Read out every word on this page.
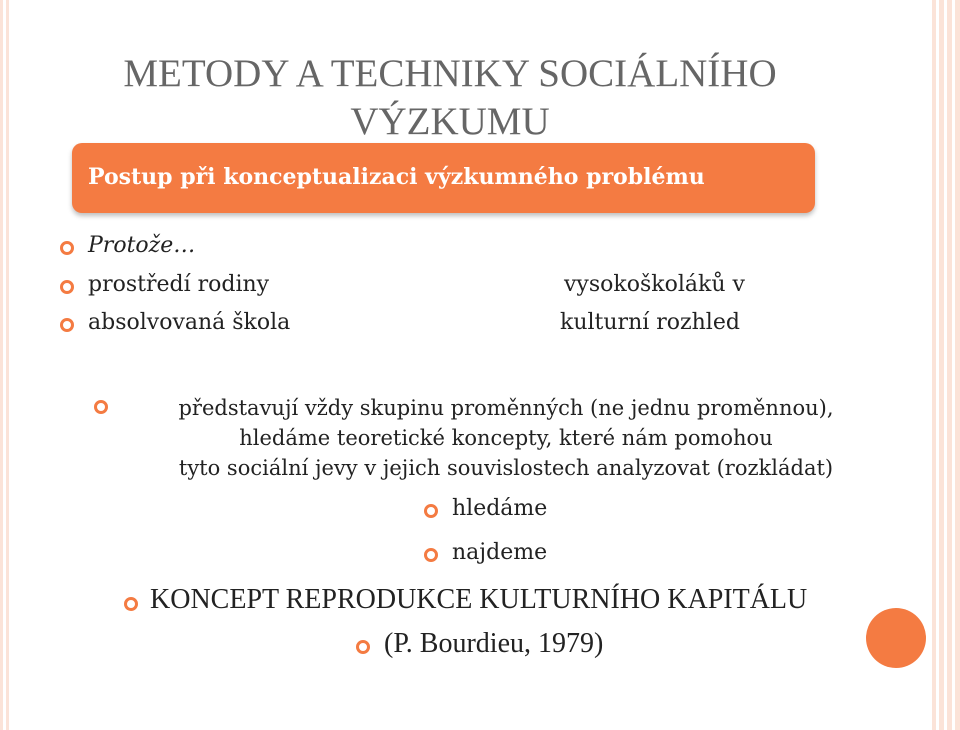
METODY A TECHNIKY SOCIÁLNÍHO VÝZKUMU
Postup při konceptualizaci výzkumného problému
Protože…
prostředí rodiny
absolvovaná škola
vysokoškoláků v
kulturní rozhled
představují vždy skupinu proměnných (ne jednu proměnnou),
hledáme teoretické koncepty, které nám pomohou
tyto sociální jevy v jejich souvislostech analyzovat (rozkládat)
hledáme
najdeme
KONCEPT REPRODUKCE KULTURNÍHO KAPITÁLU
(P. Bourdieu, 1979)
